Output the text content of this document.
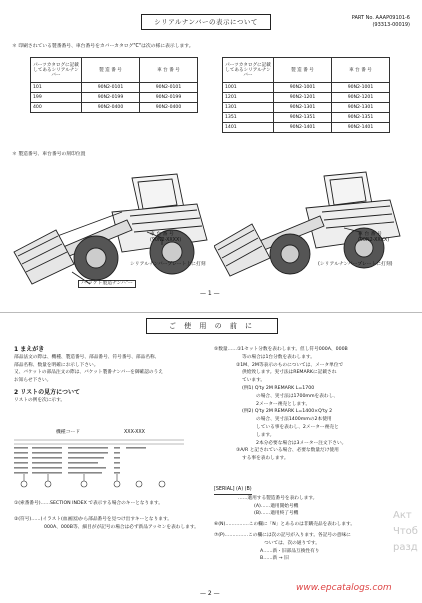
シリアルナンバーの表示について	PART No. AAAP09101-6
(93313-00019)
＊ 印刷されている製番番号、車台番号をカバーカタログ"C"は次の様に表示します。
パーツカタログに記載してあるシリアルナンバー	製 造 番 号	車 台 番 号
101	90N2-0101	90N2-0101
199	90N2-0199	90N2-0199
400	90N2-0400	90N2-0400
パーツカタログに記載してあるシリアルナンバー	製 造 番 号	車 台 番 号
1001	90N2-1001	90N2-1001
1201	90N2-1201	90N2-1201
1301	90N2-1301	90N2-1301
1351	90N2-1351	90N2-1351
1401	90N2-1401	90N2-1401
＊ 製造番号、車台番号の刻印位置
車 台 番 号
(90N2-XXXX)
シリアルナンバープレート上に打刻
ハ"ッケト製造ナンハ"ー
車 台 番 号
(90N2-XXXX)
(シリアルナンバープレートに打刻)
— 1 —
ご 使 用 の 前 に
1 まえがき
部品法文の際は、機種、製造番号、部品番号、符号番号、部品名称、
部品名称、数量を明確にお示し下さい。
又、バケットの部品注文の際は、バケット製番ナンバーを御確認のうえ
お知らせ下さい。
2 リストの見方について
リストの例を次に示す。
機種コード	XXX-XXX
①(索番番号)……SECTION INDEX で表示する場合のキーとなります。
②(符号)……(イラスト(血画図)から部品番号を見つけ出すキーとなります。
000A、000B等、細目がが記号の場合は必ず新品アッセンを表わします。
⑤数量……①1セット分数を表わします。但し符号000A、000B
等の場合は1台分数を表わします。
②1M、2M等表示のものについては、メータ単位で
供給致します。実寸法はREMARKに記載され
ています。
(例1) Q'ty 2M REMARK L=1700
の場合、実寸法は1700mmを表わし、
2メーター複売とします。
(例2) Q'ty 2M REMARK L=1400×Q'ty 2
の場合、実寸法1400mmの2本使用
している事を表わし、2メーター複売と
します。
2本分必要な場合は3メーター注文下さい。
③A/R と記されている場合、必要な数量だけ使用
する事を表わします。
[SERIAL] (A) (B)
……適用する製造番号を表わします。
(A)……適用開始号機
(B)……適用終了号機
⑥(N)……………この欄に「N」とあるのは非購売品を表わします。
⑦(P)……………この欄には次の記号が入ります。各記号の意味に
ついては、次の通りです。
A……新・旧部品互換性有り
B……新 → 旧
— 2 —
Акт
Чтоб
разд
www.epcatalogs.com
